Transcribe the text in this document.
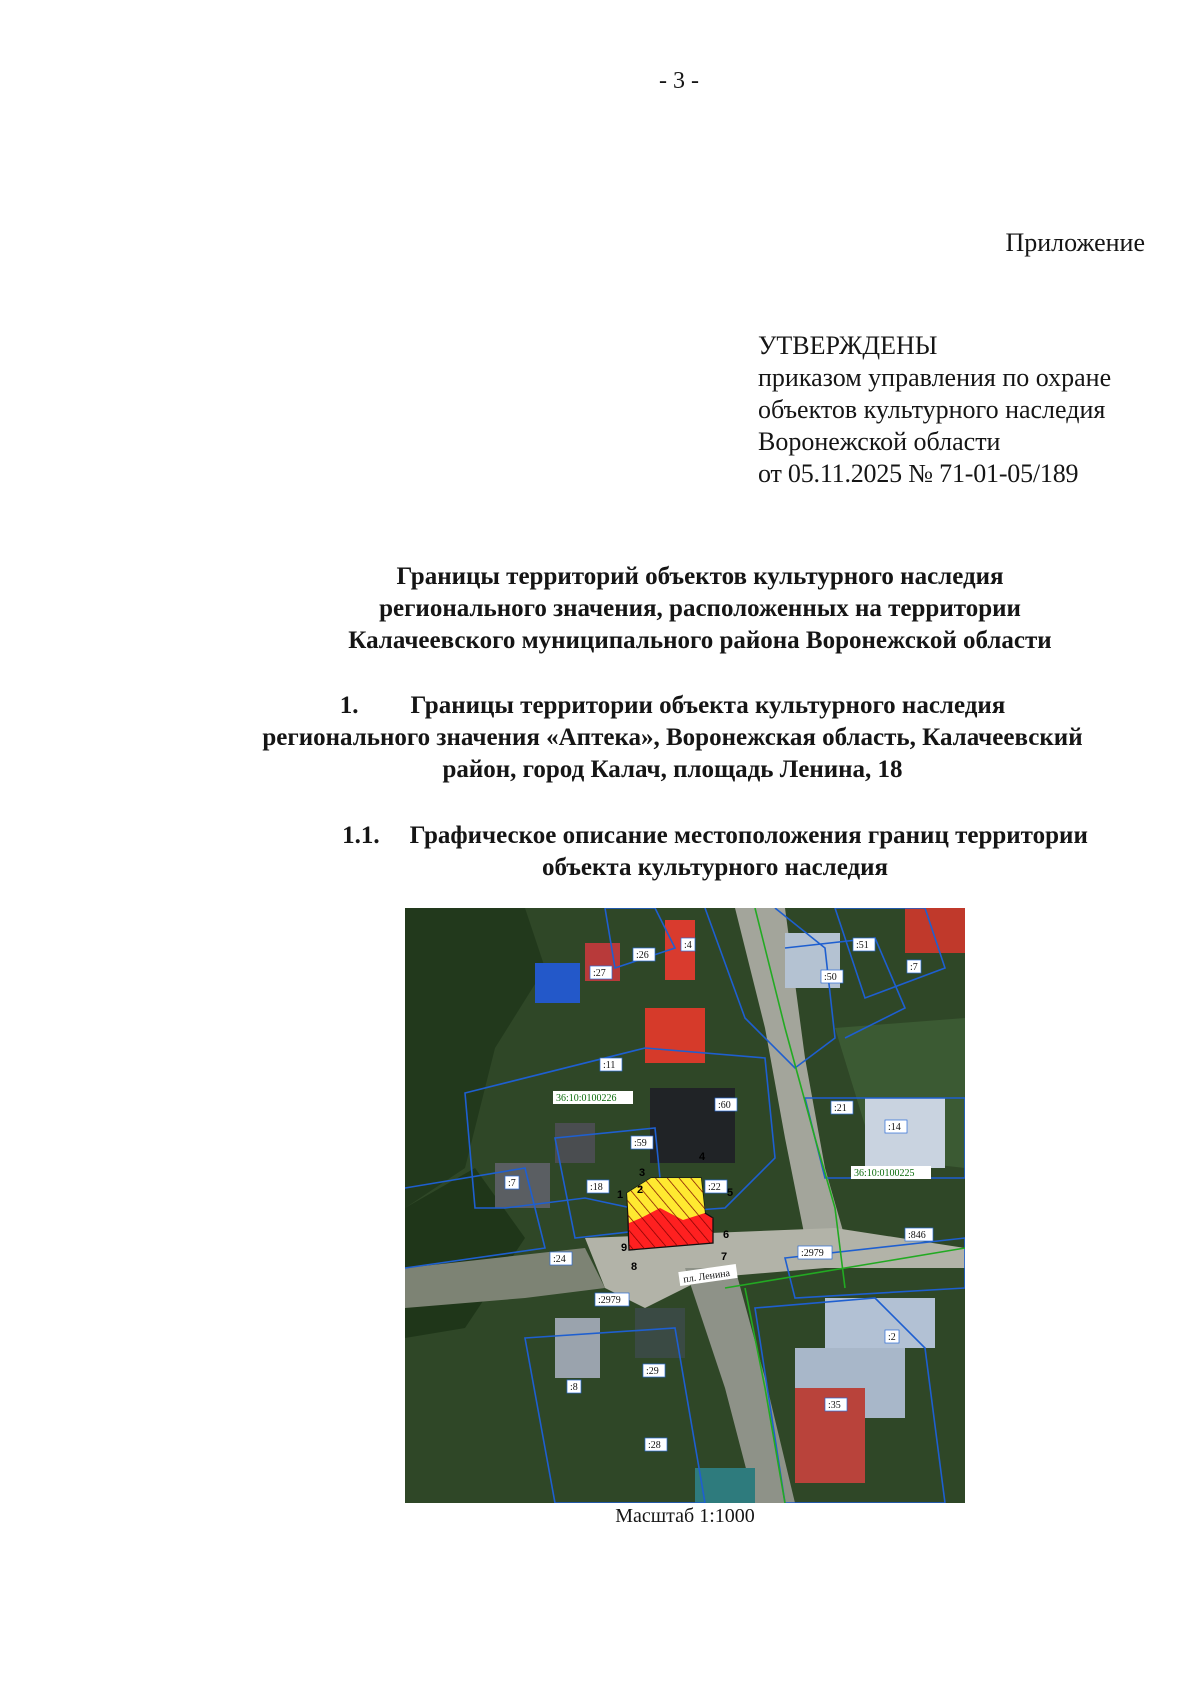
- 3 -
Приложение
УТВЕРЖДЕНЫ
приказом управления по охране
объектов культурного наследия
Воронежской области
от 05.11.2025 № 71-01-05/189
Границы территорий объектов культурного наследия
регионального значения, расположенных на территории
Калачеевского муниципального района Воронежской области
1. Границы территории объекта культурного наследия
регионального значения «Аптека», Воронежская область, Калачеевский
район, город Калач, площадь Ленина, 18
1.1. Графическое описание местоположения границ территории
объекта культурного наследия
1 2
3
4
5
6
7
8
9
:26
:4	:51
:27	:50
:7
:11
:60	:21
:14
:59
:7	:18	:22
:846
:2979
:24
:2979
:2
:29
:8
:35
:28
36:10:0100226
36:10:0100225
пл. Ленина
Масштаб 1:1000
